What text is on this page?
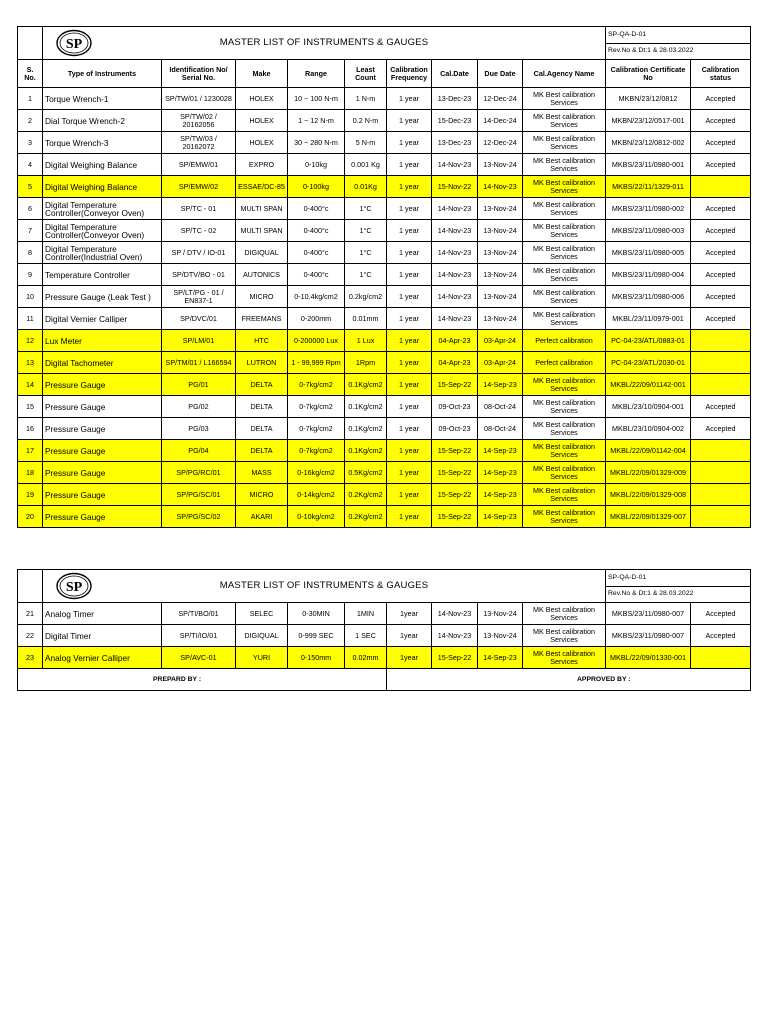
SP MASTER LIST OF INSTRUMENTS & GAUGES									SP-QA-D-01	
										Rev.No & Dt:1 & 28.03.2022	
S. No.	Type of Instruments	Identification No/ Serial No.	Make	Range	Least Count	Calibration Frequency	Cal.Date	Due Date	Cal.Agency Name	Calibration Certificate No	Calibration status
1	Torque Wrench-1	SP/TW/01 / 1230028	HOLEX	10 ~ 100 N-m	1 N-m	1 year	13-Dec-23	12-Dec-24	MK Best calibration Services	MKBN/23/12/0812	Accepted
2	Dial Torque Wrench-2	SP/TW/02 / 20162056	HOLEX	1 ~ 12 N-m	0.2 N-m	1 year	15-Dec-23	14-Dec-24	MK Best calibration Services	MKBN/23/12/0517-001	Accepted
3	Torque Wrench-3	SP/TW/03 / 20162072	HOLEX	30 ~ 280 N-m	5 N-m	1 year	13-Dec-23	12-Dec-24	MK Best calibration Services	MKBN/23/12/0812-002	Accepted
4	Digital Weighing Balance	SP/EMW/01	EXPRO	0-10kg	0.001 Kg	1 year	14-Nov-23	13-Nov-24	MK Best calibration Services	MKBS/23/11/0980-001	Accepted
5	Digital Weighing Balance	SP/EMW/02	ESSAE/DC-85	0-100kg	0.01Kg	1 year	15-Nov-22	14-Nov-23	MK Best calibration Services	MKBS/22/11/1329-011	
6	Digital Temperature Controller(Conveyor Oven)	SP/TC - 01	MULTI SPAN	0-400°c	1°C	1 year	14-Nov-23	13-Nov-24	MK Best calibration Services	MKBS/23/11/0980-002	Accepted
7	Digital Temperature Controller(Conveyor Oven)	SP/TC - 02	MULTI SPAN	0-400°c	1°C	1 year	14-Nov-23	13-Nov-24	MK Best calibration Services	MKBS/23/11/0980-003	Accepted
8	Digital Temperature Controller(Industrial Oven)	SP / DTV / IO-01	DIGIQUAL	0-400°c	1°C	1 year	14-Nov-23	13-Nov-24	MK Best calibration Services	MKBS/23/11/0980-005	Accepted
9	Temperature Controller	SP/DTV/BO - 01	AUTONICS	0-400°c	1°C	1 year	14-Nov-23	13-Nov-24	MK Best calibration Services	MKBS/23/11/0980-004	Accepted
10	Pressure Gauge (Leak Test )	SP/LT/PG - 01 / EN837-1	MICRO	0-10.4kg/cm2	0.2kg/cm2	1 year	14-Nov-23	13-Nov-24	MK Best calibration Services	MKBS/23/11/0980-006	Accepted
11	Digital Vernier Calliper	SP/DVC/01	FREEMANS	0-200mm	0.01mm	1 year	14-Nov-23	13-Nov-24	MK Best calibration Services	MKBL/23/11/0979-001	Accepted
12	Lux Meter	SP/LM/01	HTC	0-200000 Lux	1 Lux	1 year	04-Apr-23	03-Apr-24	Perfect calibration	PC-04-23/ATL/0883-01	
13	Digital Tachometer	SP/TM/01 / L166594	LUTRON	1 - 99,999 Rpm	1Rpm	1 year	04-Apr-23	03-Apr-24	Perfect calibration	PC-04-23/ATL/2030-01	
14	Pressure Gauge	PG/01	DELTA	0-7kg/cm2	0.1Kg/cm2	1 year	15-Sep-22	14-Sep-23	MK Best calibration Services	MKBL/22/09/01142-001	
15	Pressure Gauge	PG/02	DELTA	0-7kg/cm2	0.1Kg/cm2	1 year	09-Oct-23	08-Oct-24	MK Best calibration Services	MKBL/23/10/0904-001	Accepted
16	Pressure Gauge	PG/03	DELTA	0-7kg/cm2	0.1Kg/cm2	1 year	09-Oct-23	08-Oct-24	MK Best calibration Services	MKBL/23/10/0904-002	Accepted
17	Pressure Gauge	PG/04	DELTA	0-7kg/cm2	0.1Kg/cm2	1 year	15-Sep-22	14-Sep-23	MK Best calibration Services	MKBL/22/09/01142-004	
18	Pressure Gauge	SP/PG/RC/01	MASS	0-16kg/cm2	0.5Kg/cm2	1 year	15-Sep-22	14-Sep-23	MK Best calibration Services	MKBL/22/09/01329-009	
19	Pressure Gauge	SP/PG/SC/01	MICRO	0-14kg/cm2	0.2Kg/cm2	1 year	15-Sep-22	14-Sep-23	MK Best calibration Services	MKBL/22/09/01329-008	
20	Pressure Gauge	SP/PG/SC/02	AKARI	0-10kg/cm2	0.2Kg/cm2	1 year	15-Sep-22	14-Sep-23	MK Best calibration Services	MKBL/22/09/01329-007	

SP MASTER LIST OF INSTRUMENTS & GAUGES									SP-QA-D-01	
										Rev.No & Dt:1 & 28.03.2022	
21	Analog Timer	SP/TI/BO/01	SELEC	0-30MIN	1MIN	1year	14-Nov-23	13-Nov-24	MK Best calibration Services	MKBS/23/11/0980-007	Accepted
22	Digital Timer	SP/TI/IO/01	DIGIQUAL	0-999 SEC	1 SEC	1year	14-Nov-23	13-Nov-24	MK Best calibration Services	MKBS/23/11/0980-007	Accepted
23	Analog Vernier Calliper	SP/AVC-01	YURI	0-150mm	0.02mm	1year	15-Sep-22	14-Sep-23	MK Best calibration Services	MKBL/22/09/01330-001	
PREPARD BY :						APPROVED BY :					
